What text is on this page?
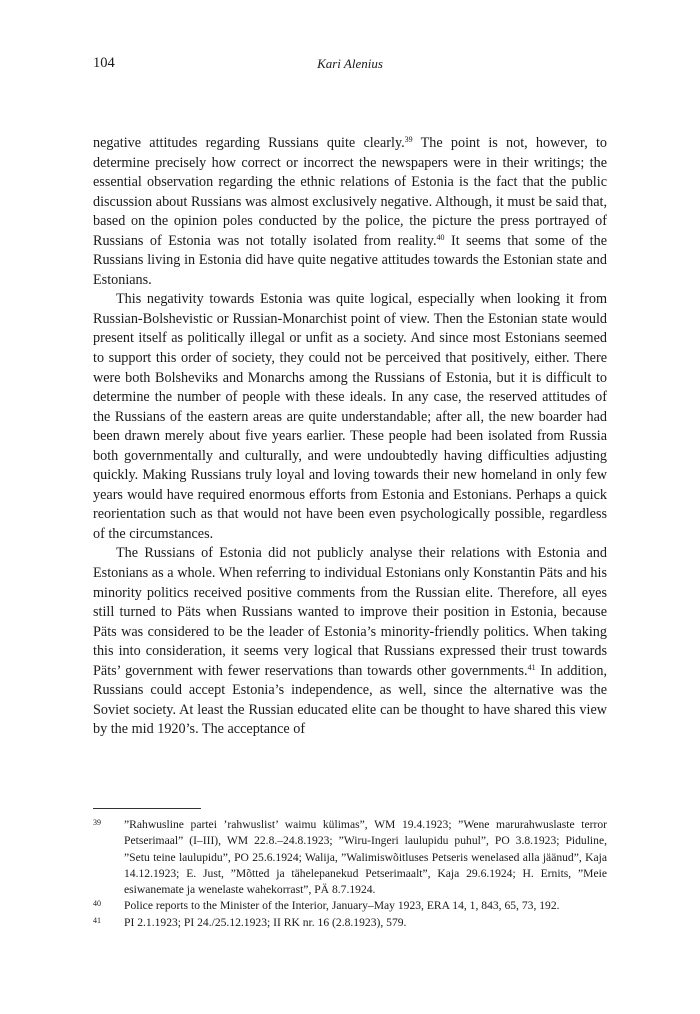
104	Kari Alenius

negative attitudes regarding Russians quite clearly.$^{39}$ The point is not, however, to determine precisely how correct or incorrect the newspapers were in their writings; the essential observation regarding the ethnic relations of Estonia is the fact that the public discussion about Russians was almost exclusively negative. Although, it must be said that, based on the opinion poles conducted by the police, the picture the press portrayed of Russians of Estonia was not totally isolated from reality.$^{40}$ It seems that some of the Russians living in Estonia did have quite negative attitudes towards the Estonian state and Estonians.

This negativity towards Estonia was quite logical, especially when looking it from Russian-Bolshevistic or Russian-Monarchist point of view. Then the Estonian state would present itself as politically illegal or unfit as a society. And since most Estonians seemed to support this order of society, they could not be perceived that positively, either. There were both Bolsheviks and Monarchs among the Russians of Estonia, but it is difficult to determine the number of people with these ideals. In any case, the reserved attitudes of the Russians of the eastern areas are quite understandable; after all, the new boarder had been drawn merely about five years earlier. These people had been isolated from Russia both governmentally and culturally, and were undoubtedly having difficulties adjusting quickly. Making Russians truly loyal and loving towards their new homeland in only few years would have required enormous efforts from Estonia and Estonians. Perhaps a quick reorientation such as that would not have been even psychologically possible, regardless of the circumstances.

The Russians of Estonia did not publicly analyse their relations with Estonia and Estonians as a whole. When referring to individual Estonians only Konstantin Päts and his minority politics received positive comments from the Russian elite. Therefore, all eyes still turned to Päts when Russians wanted to improve their position in Estonia, because Päts was considered to be the leader of Estonia’s minority-friendly politics. When taking this into consideration, it seems very logical that Russians expressed their trust towards Päts’ government with fewer reservations than towards other governments.$^{41}$ In addition, Russians could accept Estonia’s independence, as well, since the alternative was the Soviet society. At least the Russian educated elite can be thought to have shared this view by the mid 1920’s. The acceptance of

39 ”Rahwusline partei ’rahwuslist’ waimu külimas”, WM 19.4.1923; ”Wene marurahwuslaste terror Petserimaal” (I–III), WM 22.8.–24.8.1923; ”Wiru-Ingeri laulupidu puhul”, PO 3.8.1923; Piduline, ”Setu teine laulupidu”, PO 25.6.1924; Walija, ”Walimiswõitluses Petseris wenelased alla jäänud”, Kaja 14.12.1923; E. Just, ”Mõtted ja tähelepanekud Petserimaalt”, Kaja 29.6.1924; H. Ernits, ”Meie esiwanemate ja wenelaste wahekorrast”, PÄ 8.7.1924.
40 Police reports to the Minister of the Interior, January–May 1923, ERA 14, 1, 843, 65, 73, 192.
41 PI 2.1.1923; PI 24./25.12.1923; II RK nr. 16 (2.8.1923), 579.
